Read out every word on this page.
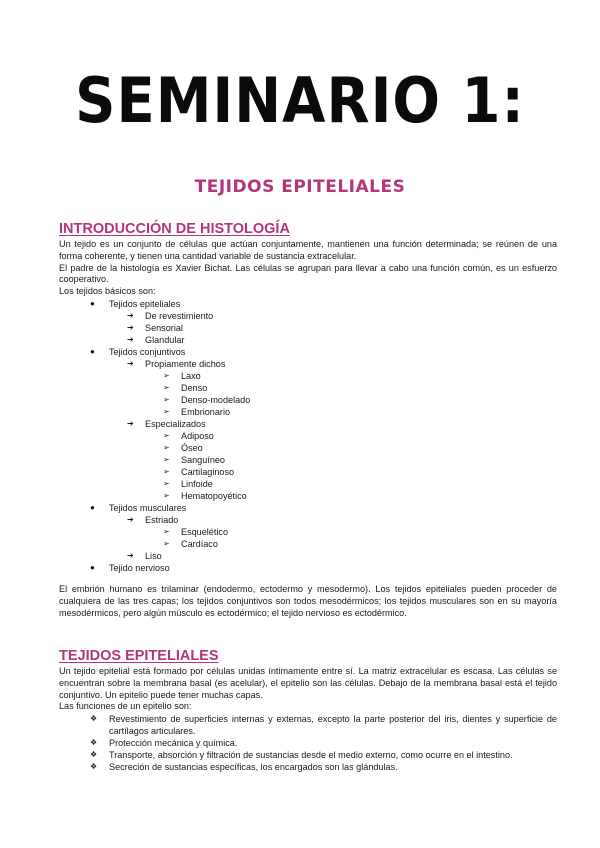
SEMINARIO 1:
TEJIDOS EPITELIALES
INTRODUCCIÓN DE HISTOLOGÍA

Un tejido es un conjunto de células que actúan conjuntamente, mantienen una función determinada; se reúnen de una forma coherente, y tienen una cantidad variable de sustancia extracelular.

El padre de la histología es Xavier Bichat. Las células se agrupan para llevar a cabo una función común, es un esfuerzo cooperativo.

Los tejidos básicos son:

● Tejidos epiteliales
➔ De revestimiento
➔ Sensorial
➔ Glandular
● Tejidos conjuntivos
➔ Propiamente dichos
➢ Laxo
➢ Denso
➢ Denso-modelado
➢ Embrionario
➔ Especializados
➢ Adiposo
➢ Óseo
➢ Sanguíneo
➢ Cartilaginoso
➢ Linfoide
➢ Hematopoyético
● Tejidos musculares
➔ Estriado
➢ Esquelético
➢ Cardíaco
➔ Liso
● Tejido nervioso

El embrión humano es trilaminar (endodermo, ectodermo y mesodermo). Los tejidos epiteliales pueden proceder de cualquiera de las tres capas; los tejidos conjuntivos son todos mesodérmicos; los tejidos musculares son en su mayoría mesodérmicos, pero algún músculo es ectodérmico; el tejido nervioso es ectodérmico.

TEJIDOS EPITELIALES

Un tejido epitelial está formado por células unidas íntimamente entre sí. La matriz extracelular es escasa. Las células se encuentran sobre la membrana basal (es acelular), el epitelio son las células. Debajo de la membrana basal está el tejido conjuntivo. Un epitelio puede tener muchas capas.

Las funciones de un epitelio son:

❖ Revestimiento de superficies internas y externas, excepto la parte posterior del iris, dientes y superficie de cartílagos articulares.
❖ Protección mecánica y química.
❖ Transporte, absorción y filtración de sustancias desde el medio externo, como ocurre en el intestino.
❖ Secreción de sustancias específicas, los encargados son las glándulas.
